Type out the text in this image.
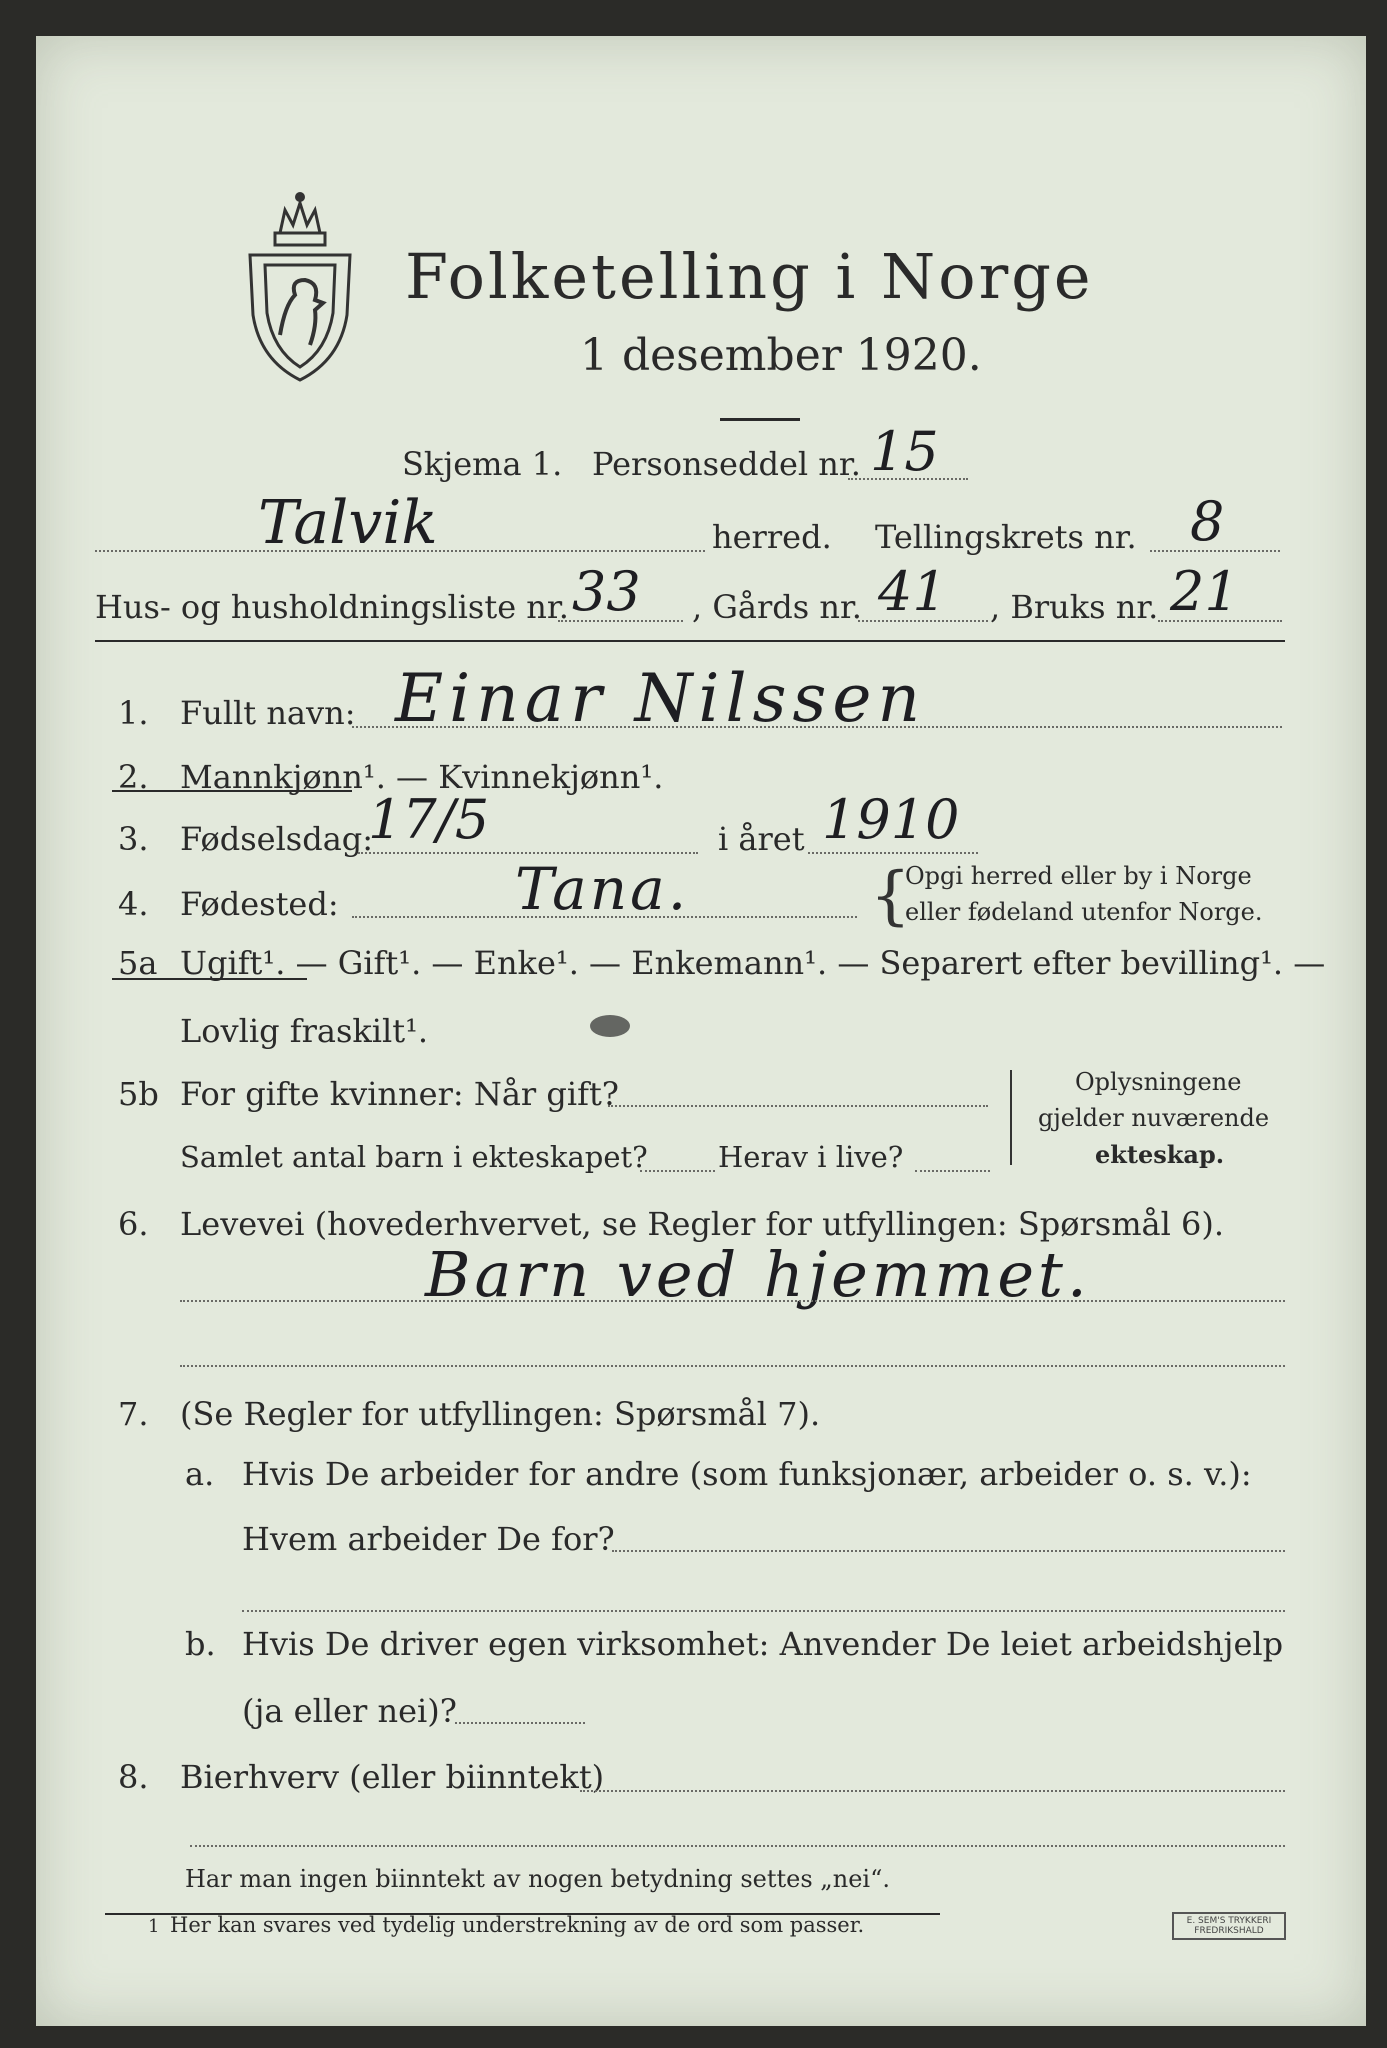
Folketelling i Norge
1 desember 1920.
Skjema 1. Personseddel nr. 15
Talvik	herred. Tellingskrets nr. 8
Hus- og husholdningsliste nr. 33 , Gårds nr. 41 , Bruks nr. 21
1. Fullt navn: Einar Nilssen
2. Mannkjønn¹. — Kvinnekjønn¹.
3. Fødselsdag:
17/5	i året 1910
4. Fødested:	Tana.	{
Opgi herred eller by i Norge
eller fødeland utenfor Norge.
5a Ugift¹. — Gift¹. — Enke¹. — Enkemann¹. — Separert efter bevilling¹. —
Lovlig fraskilt¹.
5b For gifte kvinner: Når gift?
Samlet antal barn i ekteskapet? Herav i live?
Oplysningene
gjelder nuværende
ekteskap.
6. Levevei (hovederhvervet, se Regler for utfyllingen: Spørsmål 6).
Barn ved hjemmet.
7. (Se Regler for utfyllingen: Spørsmål 7).
a. Hvis De arbeider for andre (som funksjonær, arbeider o. s. v.):
Hvem arbeider De for?
b. Hvis De driver egen virksomhet: Anvender De leiet arbeidshjelp
(ja eller nei)?
8. Bierhverv (eller biinntekt)
Har man ingen biinntekt av nogen betydning settes „nei“.
1 Her kan svares ved tydelig understrekning av de ord som passer.	E. SEM'S TRYKKERI
FREDRIKSHALD
